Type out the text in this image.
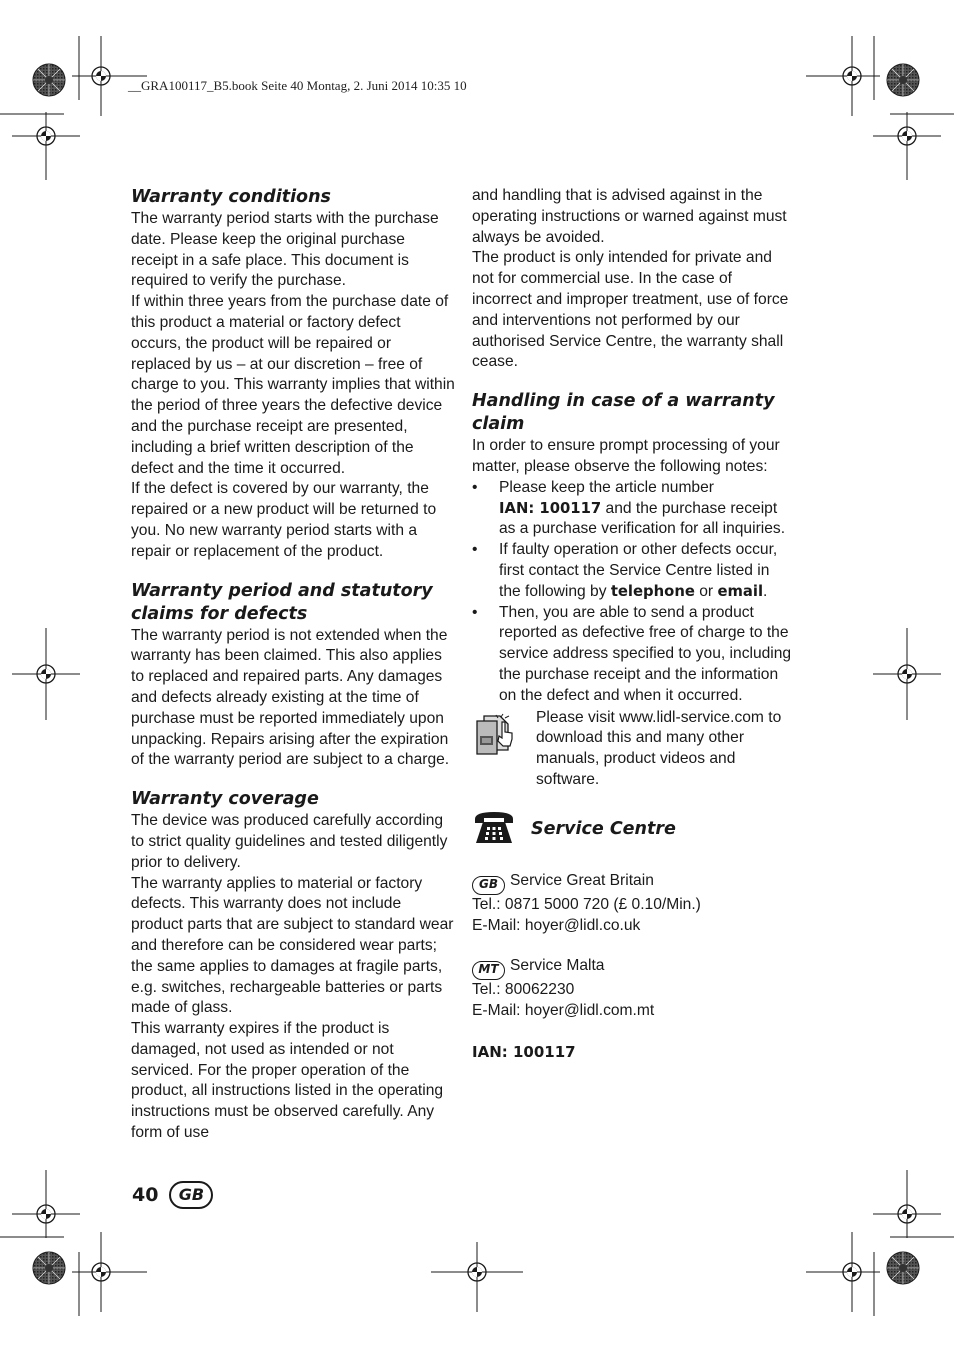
__GRA100117_B5.book Seite 40 Montag, 2. Juni 2014 10:35 10
Warranty conditions

The warranty period starts with the purchase date. Please keep the original purchase receipt in a safe place. This document is required to verify the purchase.

If within three years from the purchase date of this product a material or factory defect occurs, the product will be repaired or replaced by us – at our discretion – free of charge to you. This warranty implies that within the period of three years the defective device and the purchase receipt are presented, including a brief written description of the defect and the time it occurred.

If the defect is covered by our warranty, the repaired or a new product will be returned to you. No new warranty period starts with a repair or replacement of the product.

Warranty period and statutory claims for defects

The warranty period is not extended when the warranty has been claimed. This also applies to replaced and repaired parts. Any damages and defects already existing at the time of purchase must be reported immediately upon unpacking. Repairs arising after the expiration of the warranty period are subject to a charge.

Warranty coverage

The device was produced carefully according to strict quality guidelines and tested diligently prior to delivery.

The warranty applies to material or factory defects. This warranty does not include product parts that are subject to standard wear and therefore can be considered wear parts; the same applies to damages at fragile parts, e.g. switches, rechargeable batteries or parts made of glass.

This warranty expires if the product is damaged, not used as intended or not serviced. For the proper operation of the product, all instructions listed in the operating instructions must be observed carefully. Any form of use

and handling that is advised against in the operating instructions or warned against must always be avoided.

The product is only intended for private and not for commercial use. In the case of incorrect and improper treatment, use of force and interventions not performed by our authorised Service Centre, the warranty shall cease.

Handling in case of a warranty claim

In order to ensure prompt processing of your matter, please observe the following notes:

•	Please keep the article number
IAN: 100117 and the purchase receipt as a purchase verification for all inquiries.
•	If faulty operation or other defects occur, first contact the Service Centre listed in the following by telephone or email.
•	Then, you are able to send a product reported as defective free of charge to the service address specified to you, including the purchase receipt and the information on the defect and when it occurred.
Please visit www.lidl-service.com to download this and many other manuals, product videos and software.
Service Centre
GB Service Great Britain
Tel.: 0871 5000 720 (£ 0.10/Min.)
E-Mail: hoyer@lidl.co.uk
MT Service Malta
Tel.: 80062230
E-Mail: hoyer@lidl.com.mt
IAN: 100117
40	GB
